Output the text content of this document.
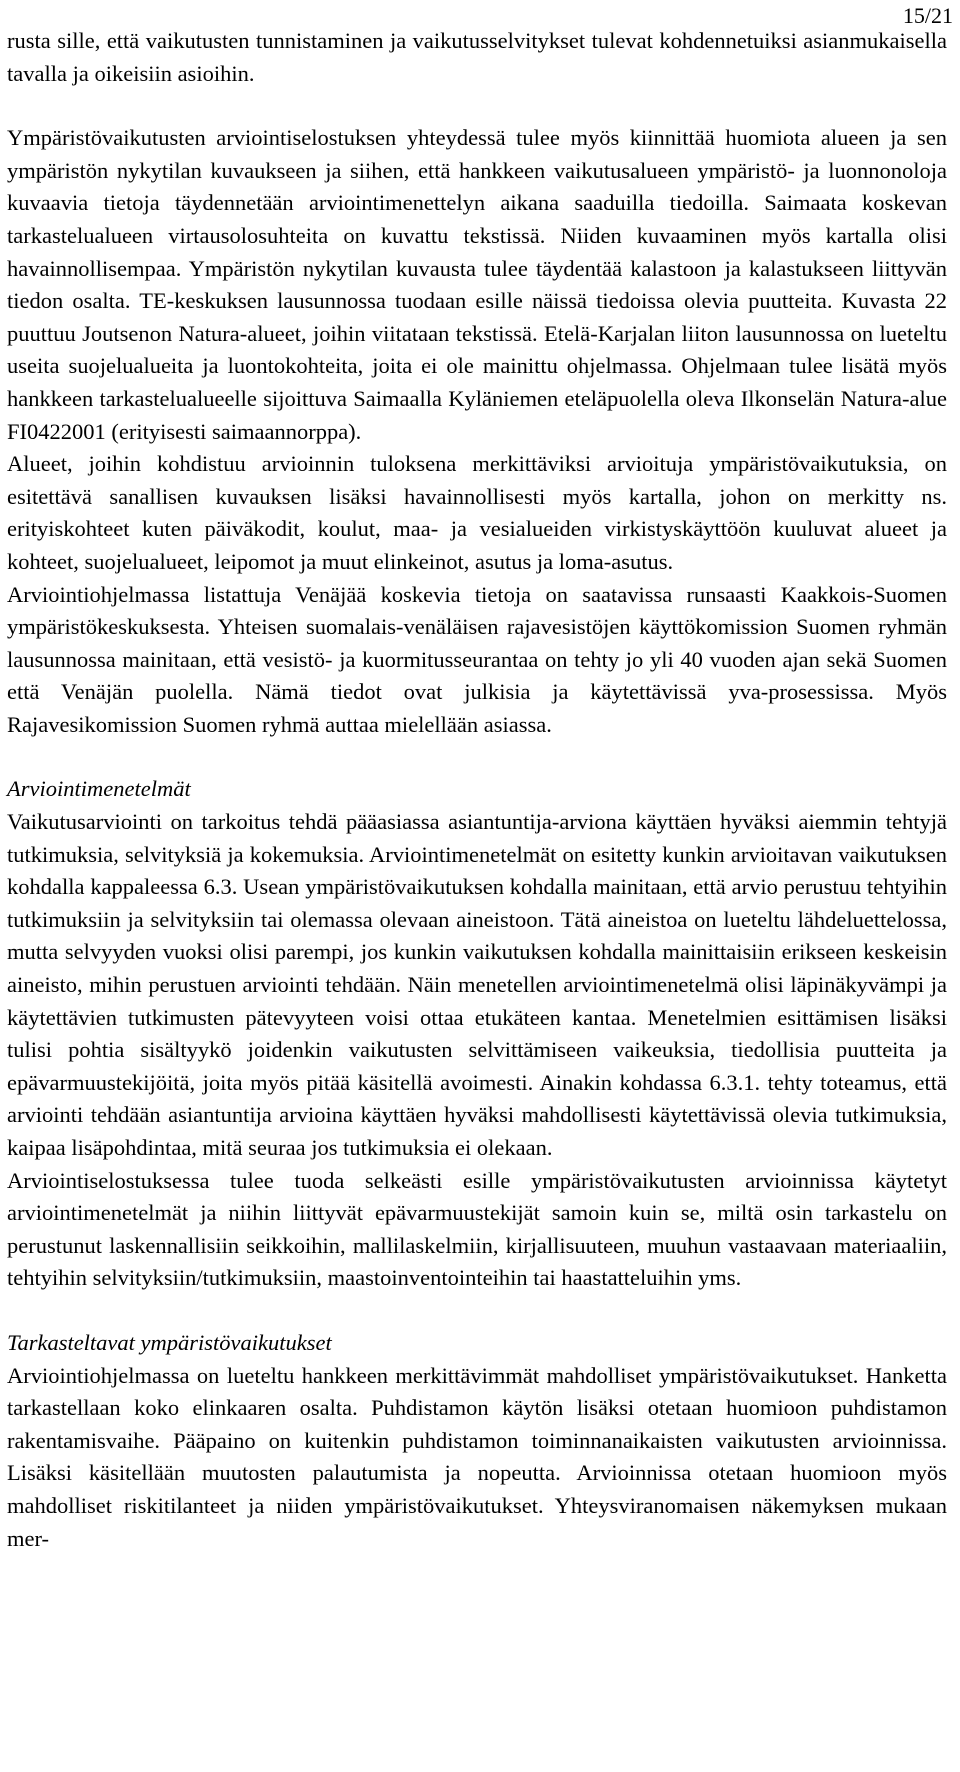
15/21

rusta sille, että vaikutusten tunnistaminen ja vaikutusselvitykset tulevat kohdennetuiksi asianmukaisella tavalla ja oikeisiin asioihin.

Ympäristövaikutusten arviointiselostuksen yhteydessä tulee myös kiinnittää huomiota alueen ja sen ympäristön nykytilan kuvaukseen ja siihen, että hankkeen vaikutusalueen ympäristö- ja luonnonoloja kuvaavia tietoja täydennetään arviointimenettelyn aikana saaduilla tiedoilla. Saimaata koskevan tarkastelualueen virtausolosuhteita on kuvattu tekstissä. Niiden kuvaaminen myös kartalla olisi havainnollisempaa. Ympäristön nykytilan kuvausta tulee täydentää kalastoon ja kalastukseen liittyvän tiedon osalta. TE-keskuksen lausunnossa tuodaan esille näissä tiedoissa olevia puutteita. Kuvasta 22 puuttuu Joutsenon Natura-alueet, joihin viitataan tekstissä. Etelä-Karjalan liiton lausunnossa on lueteltu useita suojelualueita ja luontokohteita, joita ei ole mainittu ohjelmassa. Ohjelmaan tulee lisätä myös hankkeen tarkastelualueelle sijoittuva Saimaalla Kyläniemen eteläpuolella oleva Ilkonselän Natura-alue FI0422001 (erityisesti saimaannorppa).

Alueet, joihin kohdistuu arvioinnin tuloksena merkittäviksi arvioituja ympäristövaikutuksia, on esitettävä sanallisen kuvauksen lisäksi havainnollisesti myös kartalla, johon on merkitty ns. erityiskohteet kuten päiväkodit, koulut, maa- ja vesialueiden virkistyskäyttöön kuuluvat alueet ja kohteet, suojelualueet, leipomot ja muut elinkeinot, asutus ja loma-asutus.

Arviointiohjelmassa listattuja Venäjää koskevia tietoja on saatavissa runsaasti Kaakkois-Suomen ympäristökeskuksesta. Yhteisen suomalais-venäläisen rajavesistöjen käyttökomission Suomen ryhmän lausunnossa mainitaan, että vesistö- ja kuormitusseurantaa on tehty jo yli 40 vuoden ajan sekä Suomen että Venäjän puolella. Nämä tiedot ovat julkisia ja käytettävissä yva-prosessissa. Myös Rajavesikomission Suomen ryhmä auttaa mielellään asiassa.

Arviointimenetelmät

Vaikutusarviointi on tarkoitus tehdä pääasiassa asiantuntija-arviona käyttäen hyväksi aiemmin tehtyjä tutkimuksia, selvityksiä ja kokemuksia. Arviointimenetelmät on esitetty kunkin arvioitavan vaikutuksen kohdalla kappaleessa 6.3. Usean ympäristövaikutuksen kohdalla mainitaan, että arvio perustuu tehtyihin tutkimuksiin ja selvityksiin tai olemassa olevaan aineistoon. Tätä aineistoa on lueteltu lähdeluettelossa, mutta selvyyden vuoksi olisi parempi, jos kunkin vaikutuksen kohdalla mainittaisiin erikseen keskeisin aineisto, mihin perustuen arviointi tehdään. Näin menetellen arviointimenetelmä olisi läpinäkyvämpi ja käytettävien tutkimusten pätevyyteen voisi ottaa etukäteen kantaa. Menetelmien esittämisen lisäksi tulisi pohtia sisältyykö joidenkin vaikutusten selvittämiseen vaikeuksia, tiedollisia puutteita ja epävarmuustekijöitä, joita myös pitää käsitellä avoimesti. Ainakin kohdassa 6.3.1. tehty toteamus, että arviointi tehdään asiantuntija arvioina käyttäen hyväksi mahdollisesti käytettävissä olevia tutkimuksia, kaipaa lisäpohdintaa, mitä seuraa jos tutkimuksia ei olekaan.

Arviointiselostuksessa tulee tuoda selkeästi esille ympäristövaikutusten arvioinnissa käytetyt arviointimenetelmät ja niihin liittyvät epävarmuustekijät samoin kuin se, miltä osin tarkastelu on perustunut laskennallisiin seikkoihin, mallilaskelmiin, kirjallisuuteen, muuhun vastaavaan materiaaliin, tehtyihin selvityksiin/tutkimuksiin, maastoinventointeihin tai haastatteluihin yms.

Tarkasteltavat ympäristövaikutukset

Arviointiohjelmassa on lueteltu hankkeen merkittävimmät mahdolliset ympäristövaikutukset. Hanketta tarkastellaan koko elinkaaren osalta. Puhdistamon käytön lisäksi otetaan huomioon puhdistamon rakentamisvaihe. Pääpaino on kuitenkin puhdistamon toiminnanaikaisten vaikutusten arvioinnissa. Lisäksi käsitellään muutosten palautumista ja nopeutta. Arvioinnissa otetaan huomioon myös mahdolliset riskitilanteet ja niiden ympäristövaikutukset. Yhteysviranomaisen näkemyksen mukaan mer-
